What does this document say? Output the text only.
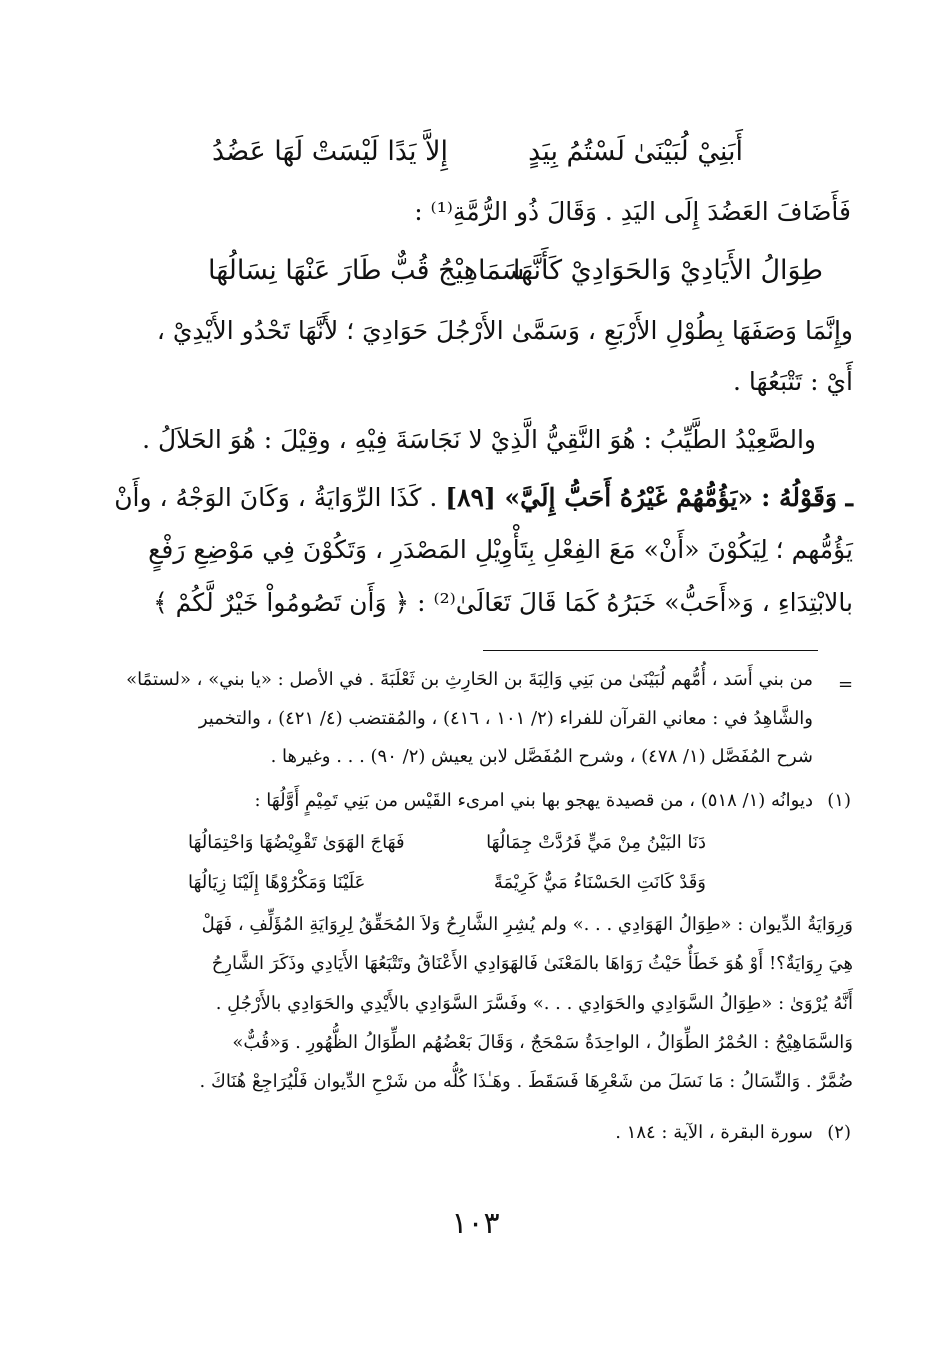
أَبَنِيْ لُبَيْنَىٰ لَسْتُمُ بِيَدٍ
إِلاَّ يَدًا لَيْسَتْ لَهَا عَضُدُ
فَأَضَافَ العَضُدَ إِلَى اليَدِ . وَقَالَ ذُو الرُّمَّةِ⁽¹⁾ :
طِوَالُ الأَيَادِيْ وَالحَوَادِيْ كَأَنَّهَا
سَمَاهِيْجُ قُبٌّ طَارَ عَنْهَا نِسَالُهَا
وإِنَّمَا وَصَفَهَا بِطُوْلِ الأَرْبَعِ ، وَسَمَّىٰ الأَرْجُلَ حَوَادِيَ ؛ لأَنَّهَا تَحْدُو الأَيْدِيْ ،
أَيْ : تَتْبَعُهَا .
والصَّعِيْدُ الطَّيِّبُ : هُوَ النَّقِيُّ الَّذِيْ لا نَجَاسَةَ فِيْهِ ، وقِيْلَ : هُوَ الحَلاَلُ .
ـ وَقَوْلُهُ : «يَؤُمُّهُمْ غَيْرُهُ أَحَبُّ إِلَيَّ» [٨٩] . كَذَا الرِّوَايَةُ ، وَكَانَ الوَجْهُ ، وأَنْ
يَؤُمُّهم ؛ لِيَكُوْنَ «أَنْ» مَعَ الفِعْلِ بِتَأْوِيْلِ المَصْدَرِ ، وَتَكُوْنَ فِي مَوْضِعِ رَفْعٍ
بالابْتِدَاءِ ، وَ«أَحَبُّ» خَبَرُهُ كَمَا قَالَ تَعَالَىٰ⁽²⁾ : ﴿ وَأَن تَصُومُواْ خَيْرٌ لَّكُمْ ﴾
=
من بني أَسَد ، أُمُّهم لُبَيْنَىٰ من بَنِي وَالِبَةَ بن الحَارِثِ بن ثَعْلَبَةَ . في الأصل : «يا بني» ، «لستمًا»
والشَّاهِدُ في : معاني القرآن للفراء (٢/ ١٠١ ، ٤١٦) ، والمُقتضب (٤/ ٤٢١) ، والتخمير
شرح المُفَصَّل (١/ ٤٧٨) ، وشرح المُفَصَّل لابن يعيش (٢/ ٩٠) . . . وغيرها .
(١)
ديوانُه (١/ ٥١٨) ، من قصيدة يهجو بها بني امرىء القَيْس من بَنِي تَمِيْمٍ أَوَّلُهَا :
دَنَا البَيْنُ مِنْ مَيٍّ فَرُدَّتْ جِمَالُهَا
فَهَاجَ الهَوَىٰ تَقْوِيْضُهَا وَاحْتِمَالُهَا
وَقَدْ كَانَتِ الحَسْنَاءُ مَيٌّ كَرِيْمَةً
عَلَيْنَا وَمَكْرُوْهًا إِلَيْنَا زِيَالُهَا
وَرِوَايَةُ الدِّيوان : «طِوَالُ الهَوَادِي . . .» ولم يُشِرِ الشَّارِحُ وَلاَ المُحَقِّقُ لِرِوَايَةِ المُؤَلِّفِ ، فَهَلْ
هِيَ رِوَايَةٌ؟! أَوْ هُوَ خَطَأٌ حَيْثُ رَوَاهَا بالمَعْنَىٰ فَالهَوَادِي الأَعْنَاقُ وتَتْبَعُهَا الأَيَادِي وذَكَرَ الشَّارِحُ
أَنَّهُ يُرْوَىٰ : «طِوَالُ السَّوَادِي والحَوَادِي . . .» وفَسَّرَ السَّوَادِي بالأَيْدِي والحَوَادِي بالأَرْجُلِ .
وَالسَّمَاهِيْجُ : الحُمْرُ الطِّوَالُ ، الواحِدَةُ سَمْحَجٌ ، وَقَالَ بَعْضُهُم الطِّوَالُ الظُّهُورِ . وَ«قُبٌّ»
ضُمَّرٌ . وَالنِّسَالُ : مَا نَسَلَ من شَعْرِهَا فَسَقَطَ . وهَـٰذَا كُلُّه من شَرْحِ الدِّيوان فَلْيُرَاجِعْ هُنَاكَ .
(٢)
سورة البقرة ، الآية : ١٨٤ .
١٠٣
